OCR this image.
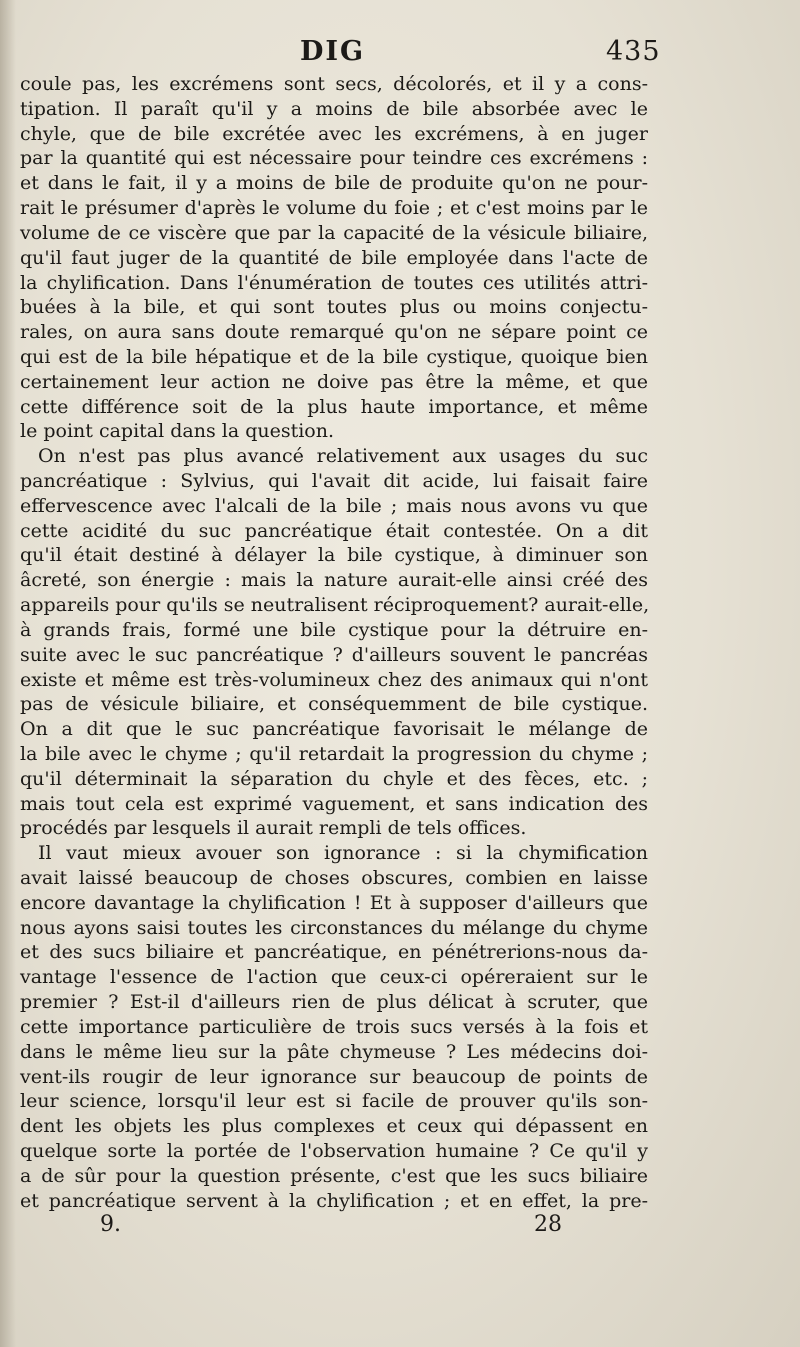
DIG	435
coule pas, les excrémens sont secs, décolorés, et il y a cons-
tipation. Il paraît qu'il y a moins de bile absorbée avec le
chyle, que de bile excrétée avec les excrémens, à en juger
par la quantité qui est nécessaire pour teindre ces excrémens :
et dans le fait, il y a moins de bile de produite qu'on ne pour-
rait le présumer d'après le volume du foie ; et c'est moins par le
volume de ce viscère que par la capacité de la vésicule biliaire,
qu'il faut juger de la quantité de bile employée dans l'acte de
la chylification. Dans l'énumération de toutes ces utilités attri-
buées à la bile, et qui sont toutes plus ou moins conjectu-
rales, on aura sans doute remarqué qu'on ne sépare point ce
qui est de la bile hépatique et de la bile cystique, quoique bien
certainement leur action ne doive pas être la même, et que
cette différence soit de la plus haute importance, et même
le point capital dans la question.
On n'est pas plus avancé relativement aux usages du suc
pancréatique : Sylvius, qui l'avait dit acide, lui faisait faire
effervescence avec l'alcali de la bile ; mais nous avons vu que
cette acidité du suc pancréatique était contestée. On a dit
qu'il était destiné à délayer la bile cystique, à diminuer son
âcreté, son énergie : mais la nature aurait-elle ainsi créé des
appareils pour qu'ils se neutralisent réciproquement? aurait-elle,
à grands frais, formé une bile cystique pour la détruire en-
suite avec le suc pancréatique ? d'ailleurs souvent le pancréas
existe et même est très-volumineux chez des animaux qui n'ont
pas de vésicule biliaire, et conséquemment de bile cystique.
On a dit que le suc pancréatique favorisait le mélange de
la bile avec le chyme ; qu'il retardait la progression du chyme ;
qu'il déterminait la séparation du chyle et des fèces, etc. ;
mais tout cela est exprimé vaguement, et sans indication des
procédés par lesquels il aurait rempli de tels offices.
Il vaut mieux avouer son ignorance : si la chymification
avait laissé beaucoup de choses obscures, combien en laisse
encore davantage la chylification ! Et à supposer d'ailleurs que
nous ayons saisi toutes les circonstances du mélange du chyme
et des sucs biliaire et pancréatique, en pénétrerions-nous da-
vantage l'essence de l'action que ceux-ci opéreraient sur le
premier ? Est-il d'ailleurs rien de plus délicat à scruter, que
cette importance particulière de trois sucs versés à la fois et
dans le même lieu sur la pâte chymeuse ? Les médecins doi-
vent-ils rougir de leur ignorance sur beaucoup de points de
leur science, lorsqu'il leur est si facile de prouver qu'ils son-
dent les objets les plus complexes et ceux qui dépassent en
quelque sorte la portée de l'observation humaine ? Ce qu'il y
a de sûr pour la question présente, c'est que les sucs biliaire
et pancréatique servent à la chylification ; et en effet, la pre-
9.	28
